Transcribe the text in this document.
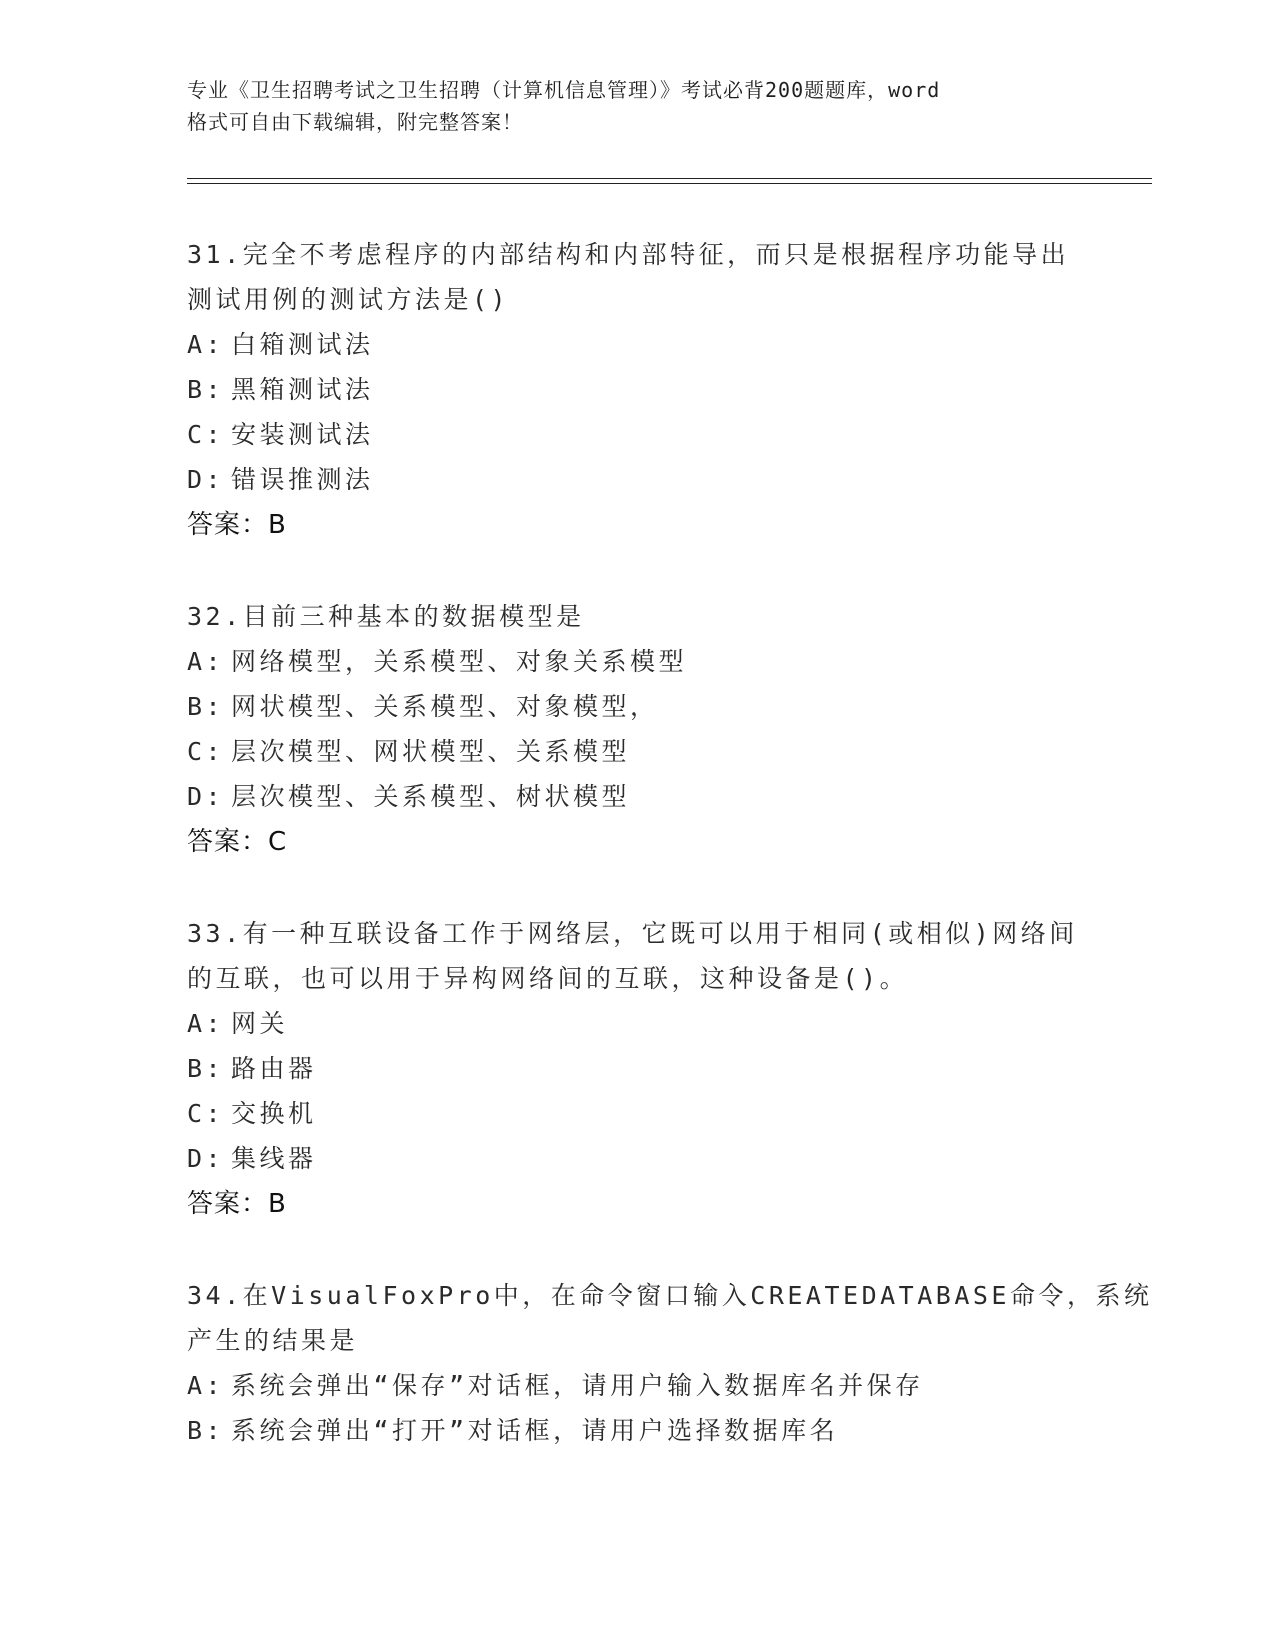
专业《卫生招聘考试之卫生招聘（计算机信息管理）》考试必背200题题库，word
格式可自由下载编辑，附完整答案！

31.完全不考虑程序的内部结构和内部特征，而只是根据程序功能导出

测试用例的测试方法是()

A: 白箱测试法

B: 黑箱测试法

C: 安装测试法

D: 错误推测法

答案：B

32.目前三种基本的数据模型是

A: 网络模型，关系模型、对象关系模型

B: 网状模型、关系模型、对象模型，

C: 层次模型、网状模型、关系模型

D: 层次模型、关系模型、树状模型

答案：C

33.有一种互联设备工作于网络层，它既可以用于相同(或相似)网络间

的互联，也可以用于异构网络间的互联，这种设备是()。

A: 网关

B: 路由器

C: 交换机

D: 集线器

答案：B

34.在VisualFoxPro中，在命令窗口输入CREATEDATABASE命令，系统

产生的结果是

A: 系统会弹出“保存”对话框，请用户输入数据库名并保存

B: 系统会弹出“打开”对话框，请用户选择数据库名
